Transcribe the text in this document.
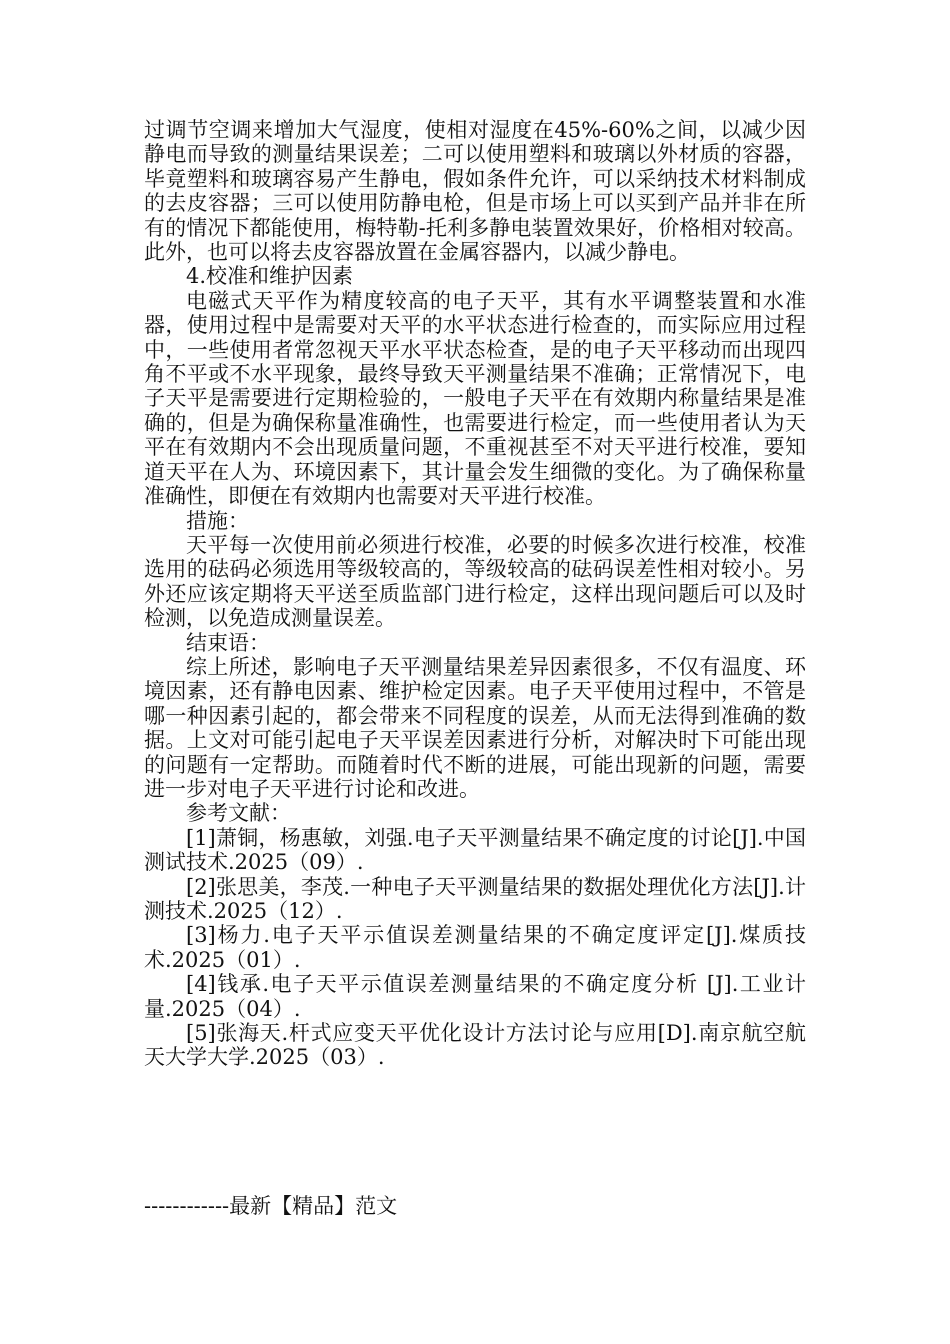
过调节空调来增加大气湿度，使相对湿度在45%-60%之间，以减少因静电而导致的测量结果误差；二可以使用塑料和玻璃以外材质的容器，毕竟塑料和玻璃容易产生静电，假如条件允许，可以采纳技术材料制成的去皮容器；三可以使用防静电枪，但是市场上可以买到产品并非在所有的情况下都能使用，梅特勒-托利多静电装置效果好，价格相对较高。此外，也可以将去皮容器放置在金属容器内，以减少静电。

4.校准和维护因素

电磁式天平作为精度较高的电子天平，其有水平调整装置和水准器，使用过程中是需要对天平的水平状态进行检查的，而实际应用过程中，一些使用者常忽视天平水平状态检查，是的电子天平移动而出现四角不平或不水平现象，最终导致天平测量结果不准确；正常情况下，电子天平是需要进行定期检验的，一般电子天平在有效期内称量结果是准确的，但是为确保称量准确性，也需要进行检定，而一些使用者认为天平在有效期内不会出现质量问题，不重视甚至不对天平进行校准，要知道天平在人为、环境因素下，其计量会发生细微的变化。为了确保称量准确性，即便在有效期内也需要对天平进行校准。

措施：

天平每一次使用前必须进行校准，必要的时候多次进行校准，校准选用的砝码必须选用等级较高的，等级较高的砝码误差性相对较小。另外还应该定期将天平送至质监部门进行检定，这样出现问题后可以及时检测，以免造成测量误差。

结束语：

综上所述，影响电子天平测量结果差异因素很多，不仅有温度、环境因素，还有静电因素、维护检定因素。电子天平使用过程中，不管是哪一种因素引起的，都会带来不同程度的误差，从而无法得到准确的数据。上文对可能引起电子天平误差因素进行分析，对解决时下可能出现的问题有一定帮助。而随着时代不断的进展，可能出现新的问题，需要进一步对电子天平进行讨论和改进。

参考文献：

[1]萧铜，杨惠敏，刘强.电子天平测量结果不确定度的讨论[J].中国测试技术.2025（09）.

[2]张思美，李茂.一种电子天平测量结果的数据处理优化方法[J].计测技术.2025（12）.

[3]杨力.电子天平示值误差测量结果的不确定度评定[J].煤质技术.2025（01）.

[4]钱承.电子天平示值误差测量结果的不确定度分析 [J].工业计量.2025（04）.

[5]张海天.杆式应变天平优化设计方法讨论与应用[D].南京航空航天大学大学.2025（03）.

------------最新【精品】范文
